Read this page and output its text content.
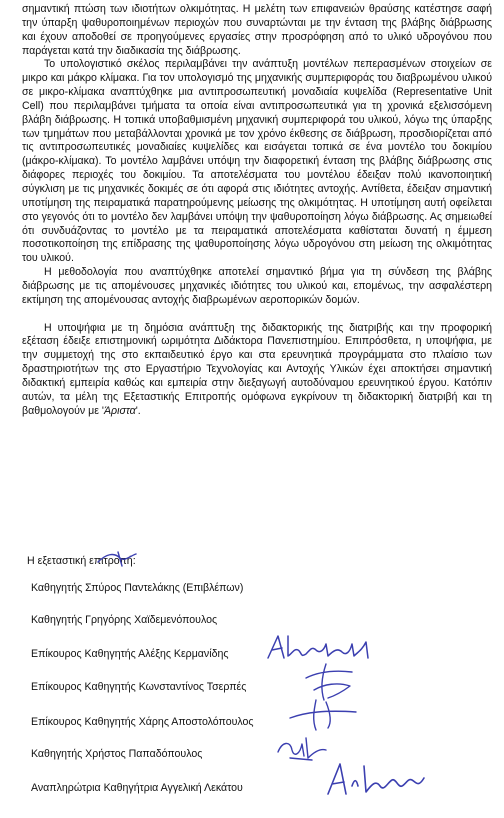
σημαντική πτώση των ιδιοτήτων ολκιμότητας. Η μελέτη των επιφανειών θραύσης κατέστησε σαφή την ύπαρξη ψαθυροποιημένων περιοχών που συναρτώνται με την ένταση της βλάβης διάβρωσης και έχουν αποδοθεί σε προηγούμενες εργασίες στην προσρόφηση από το υλικό υδρογόνου που παράγεται κατά την διαδικασία της διάβρωσης.

Το υπολογιστικό σκέλος περιλαμβάνει την ανάπτυξη μοντέλων πεπερασμένων στοιχείων σε μικρο και μάκρο κλίμακα. Για τον υπολογισμό της μηχανικής συμπεριφοράς του διαβρωμένου υλικού σε μικρο-κλίμακα αναπτύχθηκε μια αντιπροσωπευτική μοναδιαία κυψελίδα (Representative Unit Cell) που περιλαμβάνει τμήματα τα οποία είναι αντιπροσωπευτικά για τη χρονικά εξελισσόμενη βλάβη διάβρωσης. Η τοπικά υποβαθμισμένη μηχανική συμπεριφορά του υλικού, λόγω της ύπαρξης των τμημάτων που μεταβάλλονται χρονικά με τον χρόνο έκθεσης σε διάβρωση, προσδιορίζεται από τις αντιπροσωπευτικές μοναδιαίες κυψελίδες και εισάγεται τοπικά σε ένα μοντέλο του δοκιμίου (μάκρο-κλίμακα). Το μοντέλο λαμβάνει υπόψη την διαφορετική ένταση της βλάβης διάβρωσης στις διάφορες περιοχές του δοκιμίου. Τα αποτελέσματα του μοντέλου έδειξαν πολύ ικανοποιητική σύγκλιση με τις μηχανικές δοκιμές σε ότι αφορά στις ιδιότητες αντοχής. Αντίθετα, έδειξαν σημαντική υποτίμηση της πειραματικά παρατηρούμενης μείωσης της ολκιμότητας. Η υποτίμηση αυτή οφείλεται στο γεγονός ότι το μοντέλο δεν λαμβάνει υπόψη την ψαθυροποίηση λόγω διάβρωσης. Ας σημειωθεί ότι συνδυάζοντας το μοντέλο με τα πειραματικά αποτελέσματα καθίσταται δυνατή η έμμεση ποσοτικοποίηση της επίδρασης της ψαθυροποίησης λόγω υδρογόνου στη μείωση της ολκιμότητας του υλικού.

Η μεθοδολογία που αναπτύχθηκε αποτελεί σημαντικό βήμα για τη σύνδεση της βλάβης διάβρωσης με τις απομένουσες μηχανικές ιδιότητες του υλικού και, επομένως, την ασφαλέστερη εκτίμηση της απομένουσας αντοχής διαβρωμένων αεροπορικών δομών.

Η υποψήφια με τη δημόσια ανάπτυξη της διδακτορικής της διατριβής και την προφορική εξέταση έδειξε επιστημονική ωριμότητα Διδάκτορα Πανεπιστημίου. Επιπρόσθετα, η υποψήφια, με την συμμετοχή της στο εκπαιδευτικό έργο και στα ερευνητικά προγράμματα στο πλαίσιο των δραστηριοτήτων της στο Εργαστήριο Τεχνολογίας και Αντοχής Υλικών έχει αποκτήσει σημαντική διδακτική εμπειρία καθώς και εμπειρία στην διεξαγωγή αυτοδύναμου ερευνητικού έργου. Κατόπιν αυτών, τα μέλη της Εξεταστικής Επιτροπής ομόφωνα εγκρίνουν τη διδακτορική διατριβή και τη βαθμολογούν με 'Άριστα'.

Η εξεταστική επιτροπή:
Καθηγητής Σπύρος Παντελάκης (Επιβλέπων)
Καθηγητής Γρηγόρης Χαϊδεμενόπουλος
Επίκουρος Καθηγητής Αλέξης Κερμανίδης
Επίκουρος Καθηγητής Κωνσταντίνος Τσερπές
Επίκουρος Καθηγητής Χάρης Αποστολόπουλος
Καθηγητής Χρήστος Παπαδόπουλος
Αναπληρώτρια Καθηγήτρια Αγγελική Λεκάτου
